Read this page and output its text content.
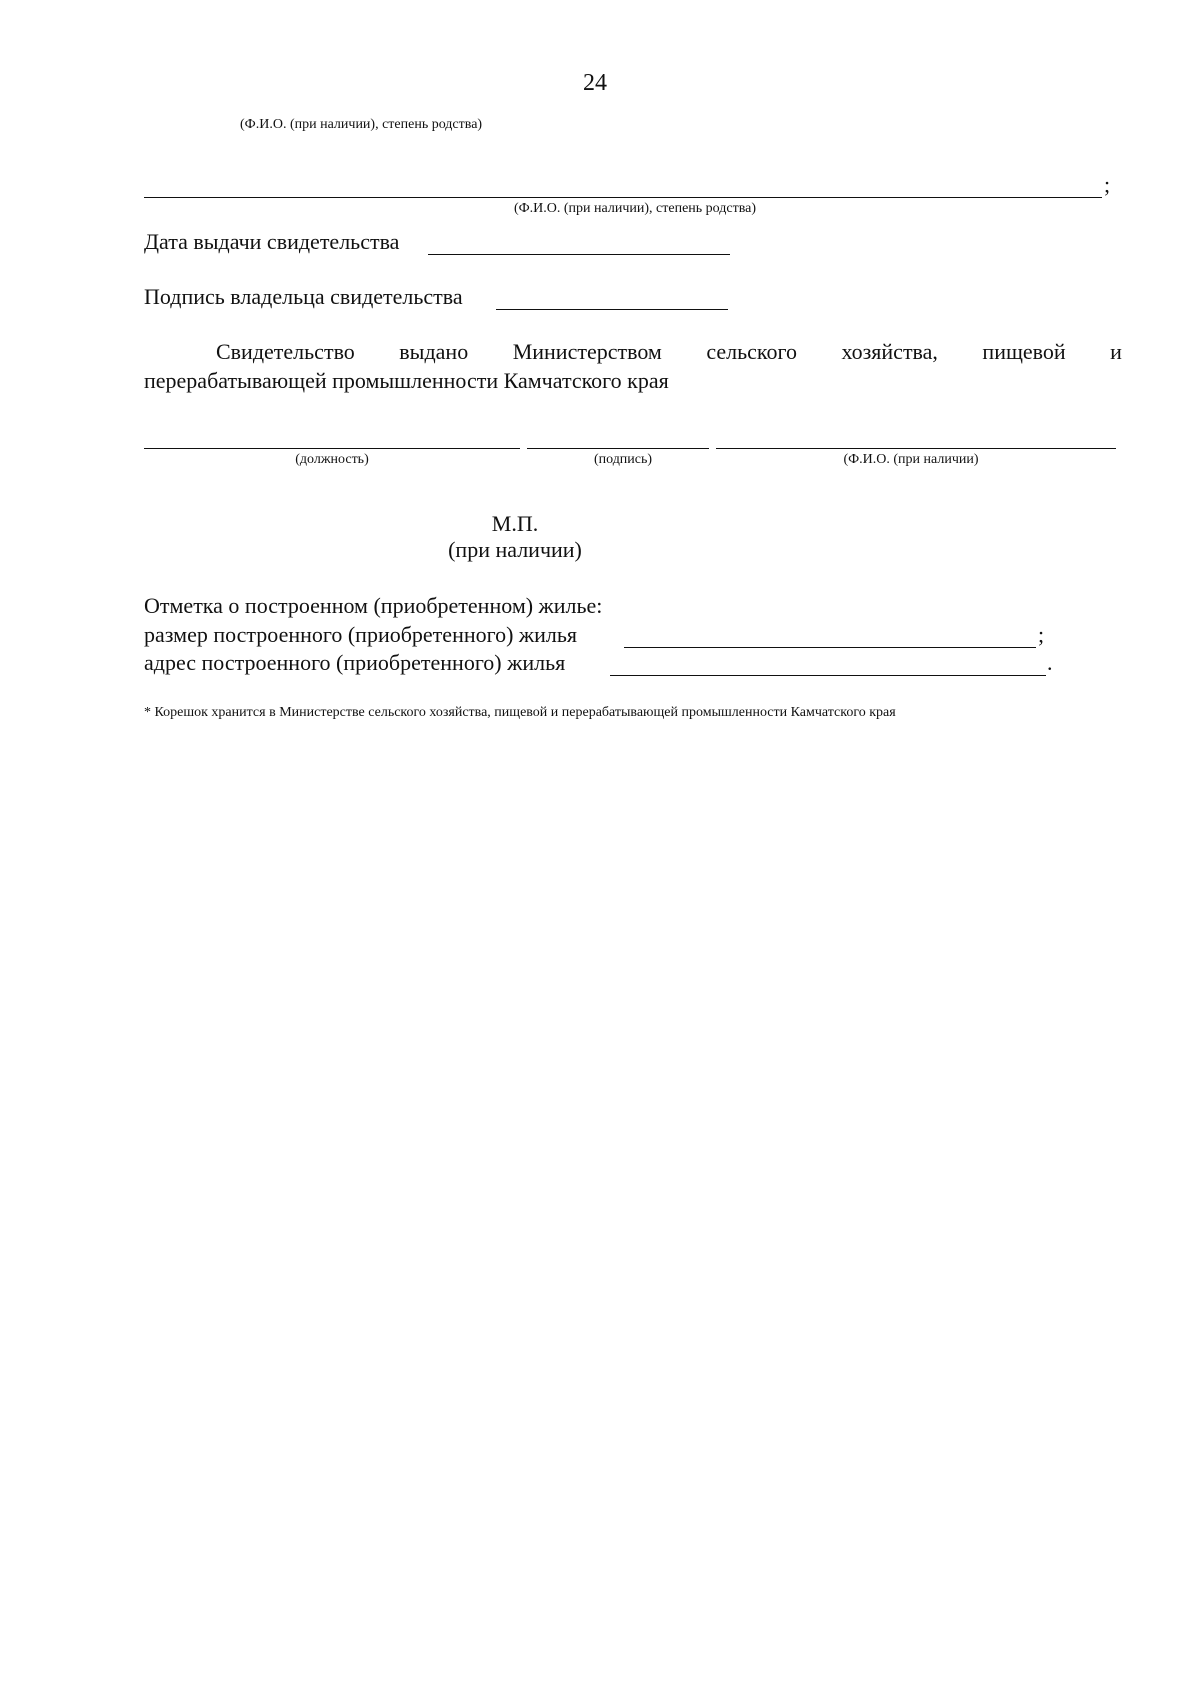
24
(Ф.И.О. (при наличии), степень родства)
;
(Ф.И.О. (при наличии), степень родства)
Дата выдачи свидетельства
Подпись владельца свидетельства
Свидетельство выдано Министерством сельского хозяйства, пищевой и
перерабатывающей промышленности Камчатского края
(должность)	(подпись)	(Ф.И.О. (при наличии)
М.П.
(при наличии)
Отметка о построенном (приобретенном) жилье:
размер построенного (приобретенного) жилья	;
адрес построенного (приобретенного) жилья	.
* Корешок хранится в Министерстве сельского хозяйства, пищевой и перерабатывающей промышленности Камчатского края
